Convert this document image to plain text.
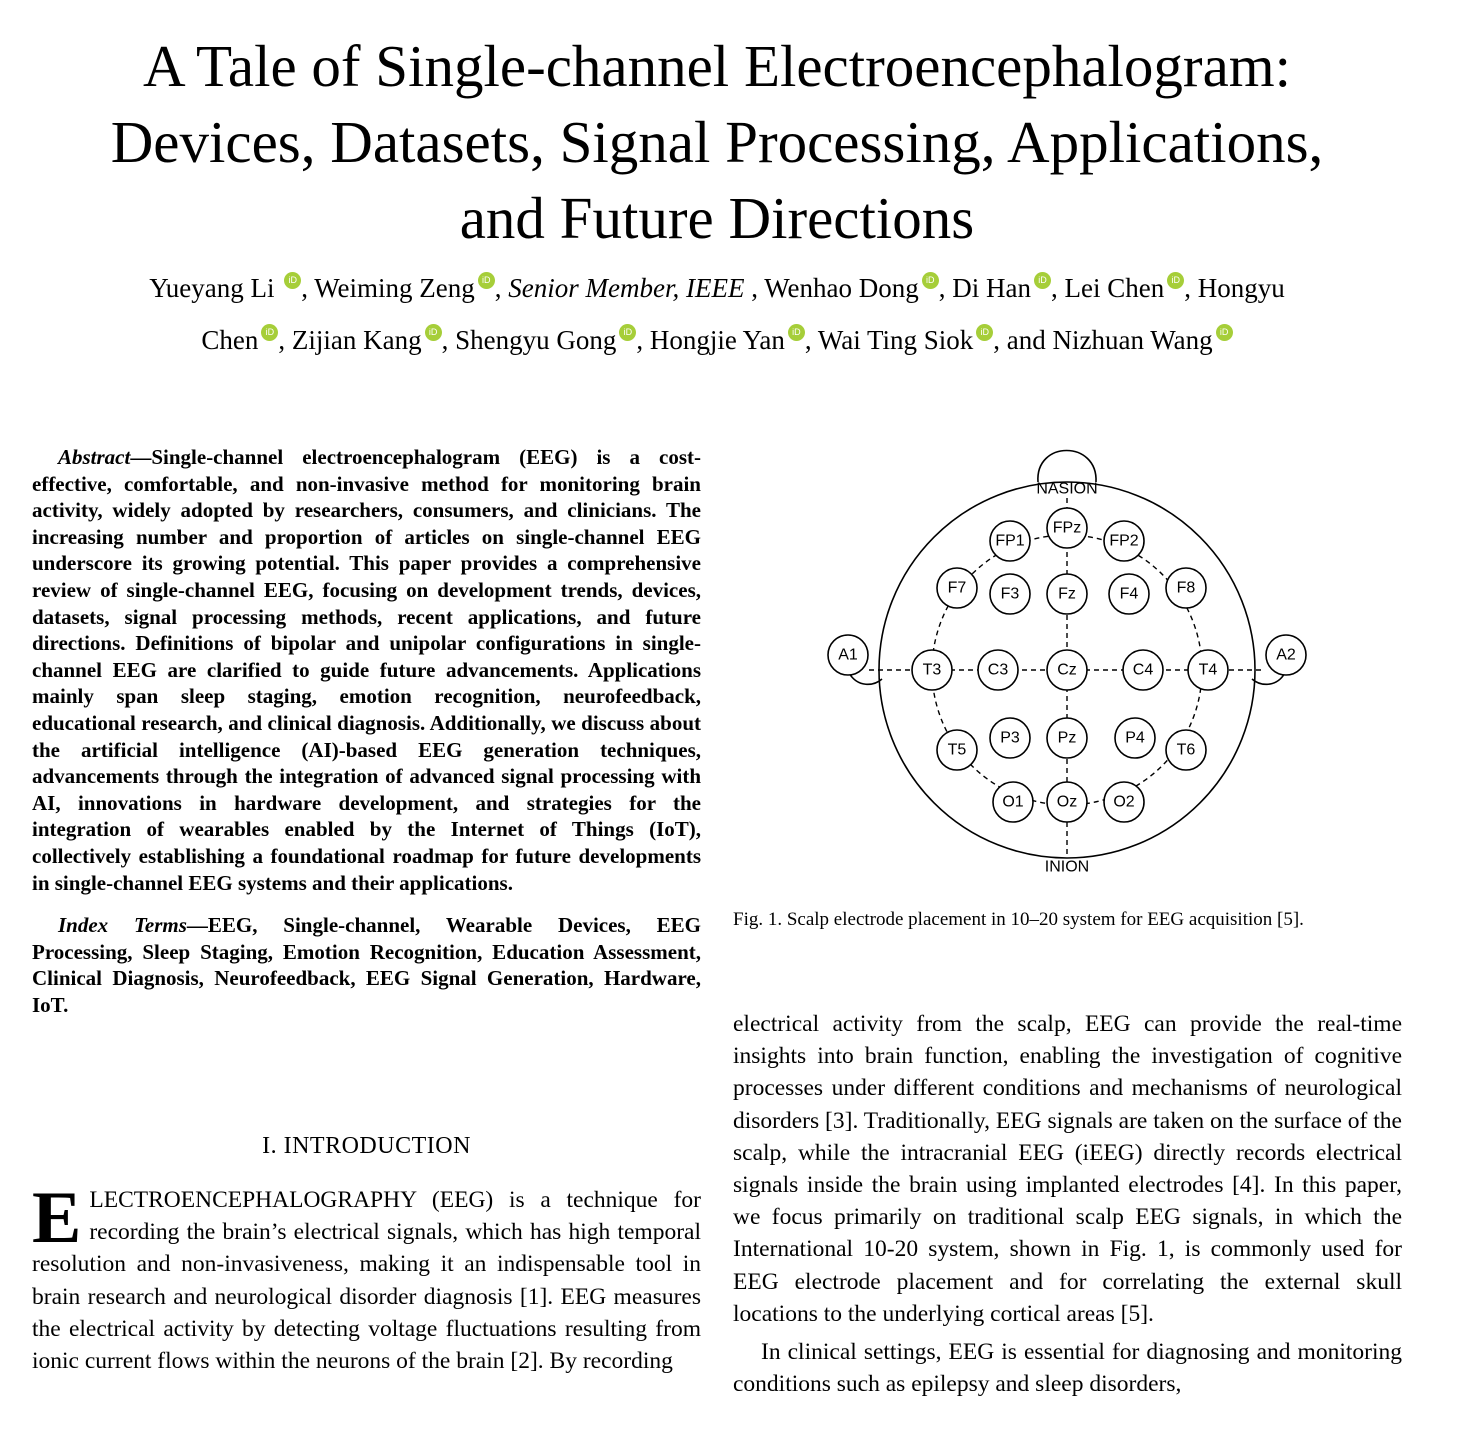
A Tale of Single-channel Electroencephalogram:
Devices, Datasets, Signal Processing, Applications,
and Future Directions
Yueyang Li iD , Weiming Zeng iD , Senior Member, IEEE , Wenhao Dong iD , Di Han iD , Lei Chen iD , Hongyu
Chen iD , Zijian Kang iD , Shengyu Gong iD , Hongjie Yan iD , Wai Ting Siok iD , and Nizhuan Wang iD

Abstract—Single-channel electroencephalogram (EEG) is a cost-effective, comfortable, and non-invasive method for monitoring brain activity, widely adopted by researchers, consumers, and clinicians. The increasing number and proportion of articles on single-channel EEG underscore its growing potential. This paper provides a comprehensive review of single-channel EEG, focusing on development trends, devices, datasets, signal processing methods, recent applications, and future directions. Definitions of bipolar and unipolar configurations in single-channel EEG are clarified to guide future advancements. Applications mainly span sleep staging, emotion recognition, neurofeedback, educational research, and clinical diagnosis. Additionally, we discuss about the artificial intelligence (AI)-based EEG generation techniques, advancements through the integration of advanced signal processing with AI, innovations in hardware development, and strategies for the integration of wearables enabled by the Internet of Things (IoT), collectively establishing a foundational roadmap for future developments in single-channel EEG systems and their applications.

Index Terms—EEG, Single-channel, Wearable Devices, EEG Processing, Sleep Staging, Emotion Recognition, Education Assessment, Clinical Diagnosis, Neurofeedback, EEG Signal Generation, Hardware, IoT.

I. INTRODUCTION

ELECTROENCEPHALOGRAPHY (EEG) is a technique for recording the brain’s electrical signals, which has high temporal resolution and non-invasiveness, making it an indispensable tool in brain research and neurological disorder diagnosis [1]. EEG measures the electrical activity by detecting voltage fluctuations resulting from ionic current flows within the neurons of the brain [2]. By recording

NASION
INION
FP1
FPz
FP2
F7 F3 Fz	F4 F8
A1
T3	C3	Cz	C4	T4
A2
T5
P3 Pz	P4
T6
O1 Oz O2
Fig. 1. Scalp electrode placement in 10–20 system for EEG acquisition [5].

electrical activity from the scalp, EEG can provide the real-time insights into brain function, enabling the investigation of cognitive processes under different conditions and mechanisms of neurological disorders [3]. Traditionally, EEG signals are taken on the surface of the scalp, while the intracranial EEG (iEEG) directly records electrical signals inside the brain using implanted electrodes [4]. In this paper, we focus primarily on traditional scalp EEG signals, in which the International 10-20 system, shown in Fig. 1, is commonly used for EEG electrode placement and for correlating the external skull locations to the underlying cortical areas [5].

In clinical settings, EEG is essential for diagnosing and monitoring conditions such as epilepsy and sleep disorders,
